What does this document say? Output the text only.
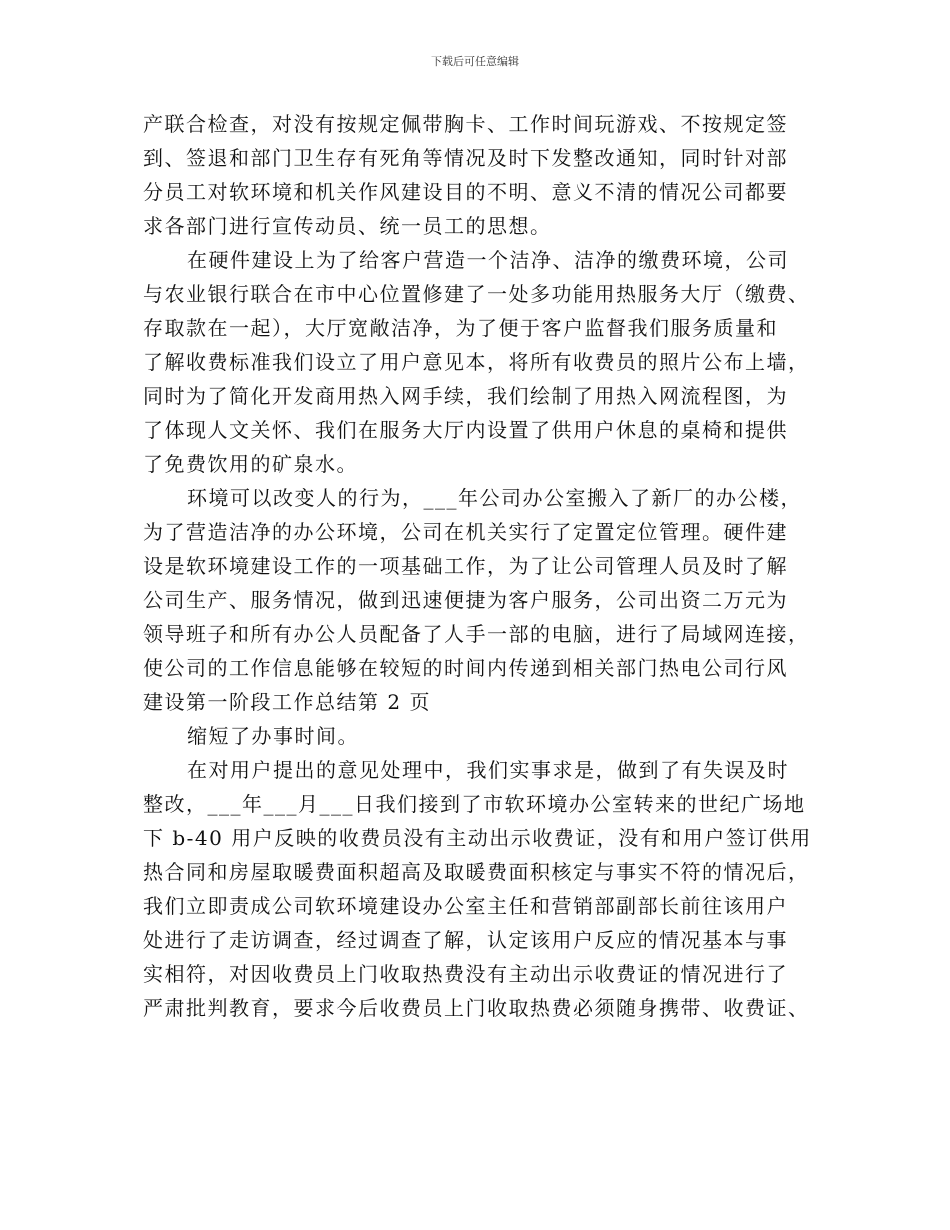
下载后可任意编辑
产联合检查，对没有按规定佩带胸卡、工作时间玩游戏、不按规定签
到、签退和部门卫生存有死角等情况及时下发整改通知，同时针对部
分员工对软环境和机关作风建设目的不明、意义不清的情况公司都要
求各部门进行宣传动员、统一员工的思想。
在硬件建设上为了给客户营造一个洁净、洁净的缴费环境，公司
与农业银行联合在市中心位置修建了一处多功能用热服务大厅（缴费、
存取款在一起），大厅宽敞洁净，为了便于客户监督我们服务质量和
了解收费标准我们设立了用户意见本，将所有收费员的照片公布上墙，
同时为了简化开发商用热入网手续，我们绘制了用热入网流程图，为
了体现人文关怀、我们在服务大厅内设置了供用户休息的桌椅和提供
了免费饮用的矿泉水。
环境可以改变人的行为，___年公司办公室搬入了新厂的办公楼，
为了营造洁净的办公环境，公司在机关实行了定置定位管理。硬件建
设是软环境建设工作的一项基础工作，为了让公司管理人员及时了解
公司生产、服务情况，做到迅速便捷为客户服务，公司出资二万元为
领导班子和所有办公人员配备了人手一部的电脑，进行了局域网连接，
使公司的工作信息能够在较短的时间内传递到相关部门热电公司行风
建设第一阶段工作总结第 2 页
缩短了办事时间。
在对用户提出的意见处理中，我们实事求是，做到了有失误及时
整改，___年___月___日我们接到了市软环境办公室转来的世纪广场地
下 b-40 用户反映的收费员没有主动出示收费证，没有和用户签订供用
热合同和房屋取暖费面积超高及取暖费面积核定与事实不符的情况后，
我们立即责成公司软环境建设办公室主任和营销部副部长前往该用户
处进行了走访调查，经过调查了解，认定该用户反应的情况基本与事
实相符，对因收费员上门收取热费没有主动出示收费证的情况进行了
严肃批判教育，要求今后收费员上门收取热费必须随身携带、收费证、
